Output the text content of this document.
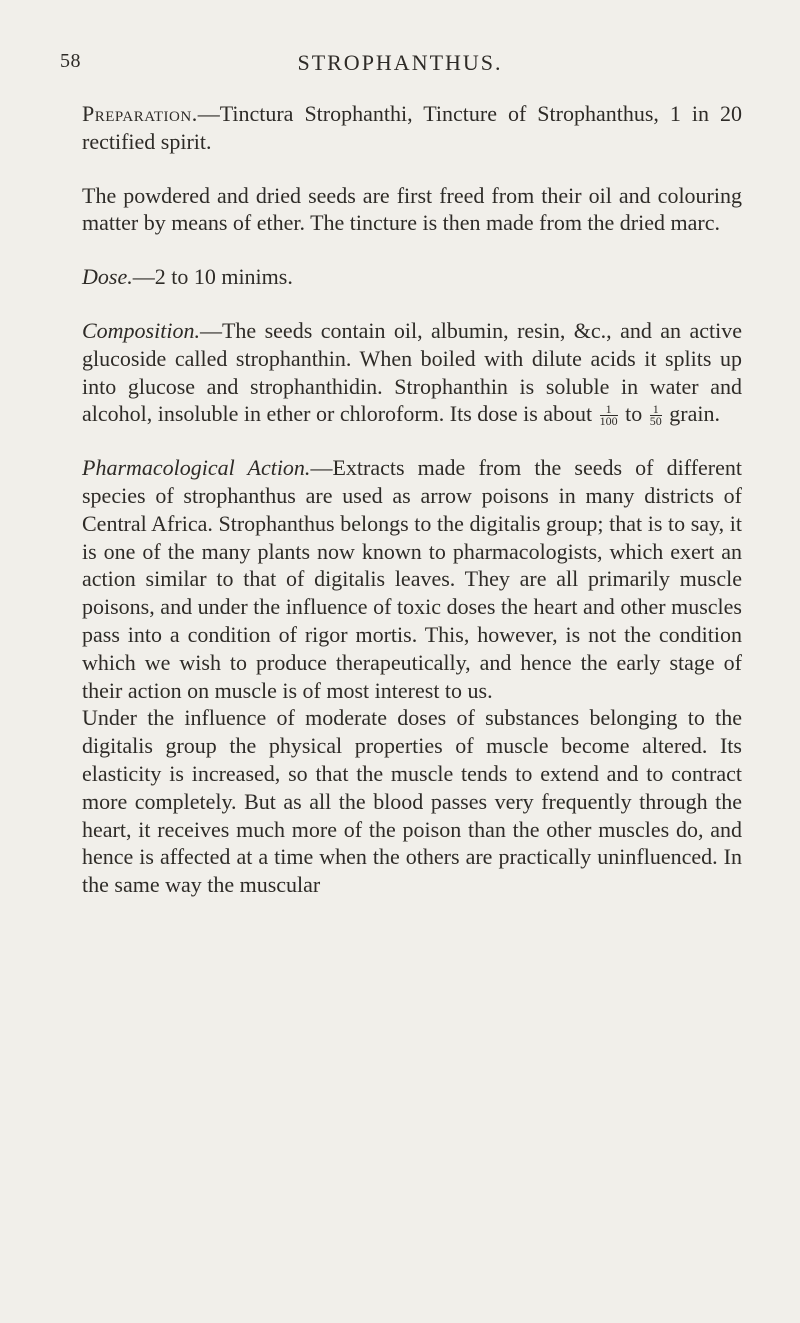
58	STROPHANTHUS.

Preparation.—Tinctura Strophanthi, Tincture of Strophanthus, 1 in 20 rectified spirit.

The powdered and dried seeds are first freed from their oil and colouring matter by means of ether. The tincture is then made from the dried marc.

Dose.—2 to 10 minims.

Composition.—The seeds contain oil, albumin, resin, &c., and an active glucoside called strophanthin. When boiled with dilute acids it splits up into glucose and strophanthidin. Strophanthin is soluble in water and alcohol, insoluble in ether or chloroform. Its dose is about $\frac{1}{100}$ to $\frac{1}{50}$ grain.

Pharmacological Action.—Extracts made from the seeds of different species of strophanthus are used as arrow poisons in many districts of Central Africa. Strophanthus belongs to the digitalis group; that is to say, it is one of the many plants now known to pharmacologists, which exert an action similar to that of digitalis leaves. They are all primarily muscle poisons, and under the influence of toxic doses the heart and other muscles pass into a condition of rigor mortis. This, however, is not the condition which we wish to produce therapeutically, and hence the early stage of their action on muscle is of most interest to us.

Under the influence of moderate doses of substances belonging to the digitalis group the physical properties of muscle become altered. Its elasticity is increased, so that the muscle tends to extend and to contract more completely. But as all the blood passes very frequently through the heart, it receives much more of the poison than the other muscles do, and hence is affected at a time when the others are practically uninfluenced. In the same way the muscular
